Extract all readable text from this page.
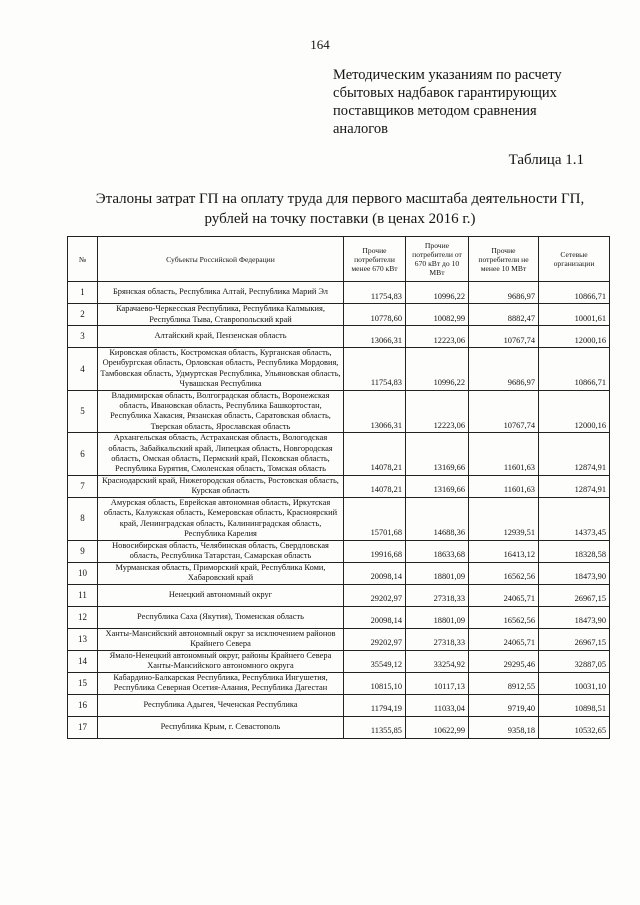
164
Методическим указаниям по расчету
сбытовых надбавок гарантирующих
поставщиков методом сравнения
аналогов
Таблица 1.1
Эталоны затрат ГП на оплату труда для первого масштаба деятельности ГП,
рублей на точку поставки (в ценах 2016 г.)
№	Субъекты Российской Федерации	Прочие потребители менее 670 кВт	Прочие потребители от 670 кВт до 10 МВт	Прочие потребители не менее 10 МВт	Сетевые организации
1	Брянская область, Республика Алтай, Республика Марий Эл	11754,83	10996,22	9686,97	10866,71
2	Карачаево-Черкесская Республика, Республика Калмыкия, Республика Тыва, Ставропольский край	10778,60	10082,99	8882,47	10001,61
3	Алтайский край, Пензенская область	13066,31	12223,06	10767,74	12000,16
4	Кировская область, Костромская область, Курганская область, Оренбургская область, Орловская область, Республика Мордовия, Тамбовская область, Удмуртская Республика, Ульяновская область, Чувашская Республика	11754,83	10996,22	9686,97	10866,71
5	Владимирская область, Волгоградская область, Воронежская область, Ивановская область, Республика Башкортостан, Республика Хакасия, Рязанская область, Саратовская область, Тверская область, Ярославская область	13066,31	12223,06	10767,74	12000,16
6	Архангельская область, Астраханская область, Вологодская область, Забайкальский край, Липецкая область, Новгородская область, Омская область, Пермский край, Псковская область, Республика Бурятия, Смоленская область, Томская область	14078,21	13169,66	11601,63	12874,91
7	Краснодарский край, Нижегородская область, Ростовская область, Курская область	14078,21	13169,66	11601,63	12874,91
8	Амурская область, Еврейская автономная область, Иркутская область, Калужская область, Кемеровская область, Красноярский край, Ленинградская область, Калининградская область, Республика Карелия	15701,68	14688,36	12939,51	14373,45
9	Новосибирская область, Челябинская область, Свердловская область, Республика Татарстан, Самарская область	19916,68	18633,68	16413,12	18328,58
10	Мурманская область, Приморский край, Республика Коми, Хабаровский край	20098,14	18801,09	16562,56	18473,90
11	Ненецкий автономный округ	29202,97	27318,33	24065,71	26967,15
12	Республика Саха (Якутия), Тюменская область	20098,14	18801,09	16562,56	18473,90
13	Ханты-Мансийский автономный округ за исключением районов Крайнего Севера	29202,97	27318,33	24065,71	26967,15
14	Ямало-Ненецкий автономный округ, районы Крайнего Севера Ханты-Мансийского автономного округа	35549,12	33254,92	29295,46	32887,05
15	Кабардино-Балкарская Республика, Республика Ингушетия, Республика Северная Осетия-Алания, Республика Дагестан	10815,10	10117,13	8912,55	10031,10
16	Республика Адыгея, Чеченская Республика	11794,19	11033,04	9719,40	10898,51
17	Республика Крым, г. Севастополь	11355,85	10622,99	9358,18	10532,65
